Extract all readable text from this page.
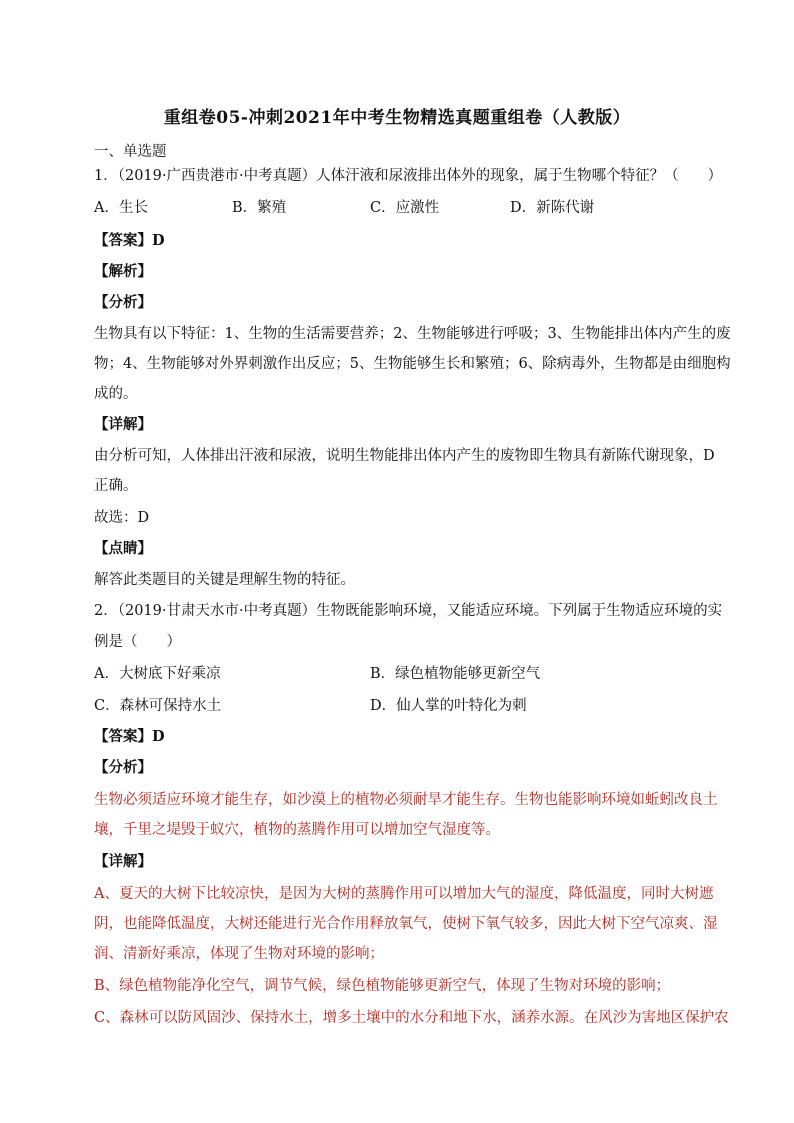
重组卷05-冲刺2021年中考生物精选真题重组卷（人教版）
一、单选题
1．（2019·广西贵港市·中考真题）人体汗液和尿液排出体外的现象，属于生物哪个特征？（　　）
A．生长	B．繁殖	C．应激性	D．新陈代谢
【答案】D
【解析】
【分析】
生物具有以下特征：1、生物的生活需要营养；2、生物能够进行呼吸；3、生物能排出体内产生的废
物；4、生物能够对外界刺激作出反应；5、生物能够生长和繁殖；6、除病毒外，生物都是由细胞构
成的。
【详解】
由分析可知，人体排出汗液和尿液，说明生物能排出体内产生的废物即生物具有新陈代谢现象，D
正确。
故选：D
【点睛】
解答此类题目的关键是理解生物的特征。
2．（2019·甘肃天水市·中考真题）生物既能影响环境，又能适应环境。下列属于生物适应环境的实
例是（　　）
A．大树底下好乘凉	B．绿色植物能够更新空气
C．森林可保持水土	D．仙人掌的叶特化为刺
【答案】D
【分析】
生物必须适应环境才能生存，如沙漠上的植物必须耐旱才能生存。生物也能影响环境如蚯蚓改良土
壤，千里之堤毁于蚁穴，植物的蒸腾作用可以增加空气湿度等。
【详解】
A、夏天的大树下比较凉快，是因为大树的蒸腾作用可以增加大气的湿度，降低温度，同时大树遮
阴，也能降低温度，大树还能进行光合作用释放氧气，使树下氧气较多，因此大树下空气凉爽、湿
润、清新好乘凉，体现了生物对环境的影响；
B、绿色植物能净化空气，调节气候，绿色植物能够更新空气，体现了生物对环境的影响；
C、森林可以防风固沙、保持水土，增多土壤中的水分和地下水，涵养水源。在风沙为害地区保护农
